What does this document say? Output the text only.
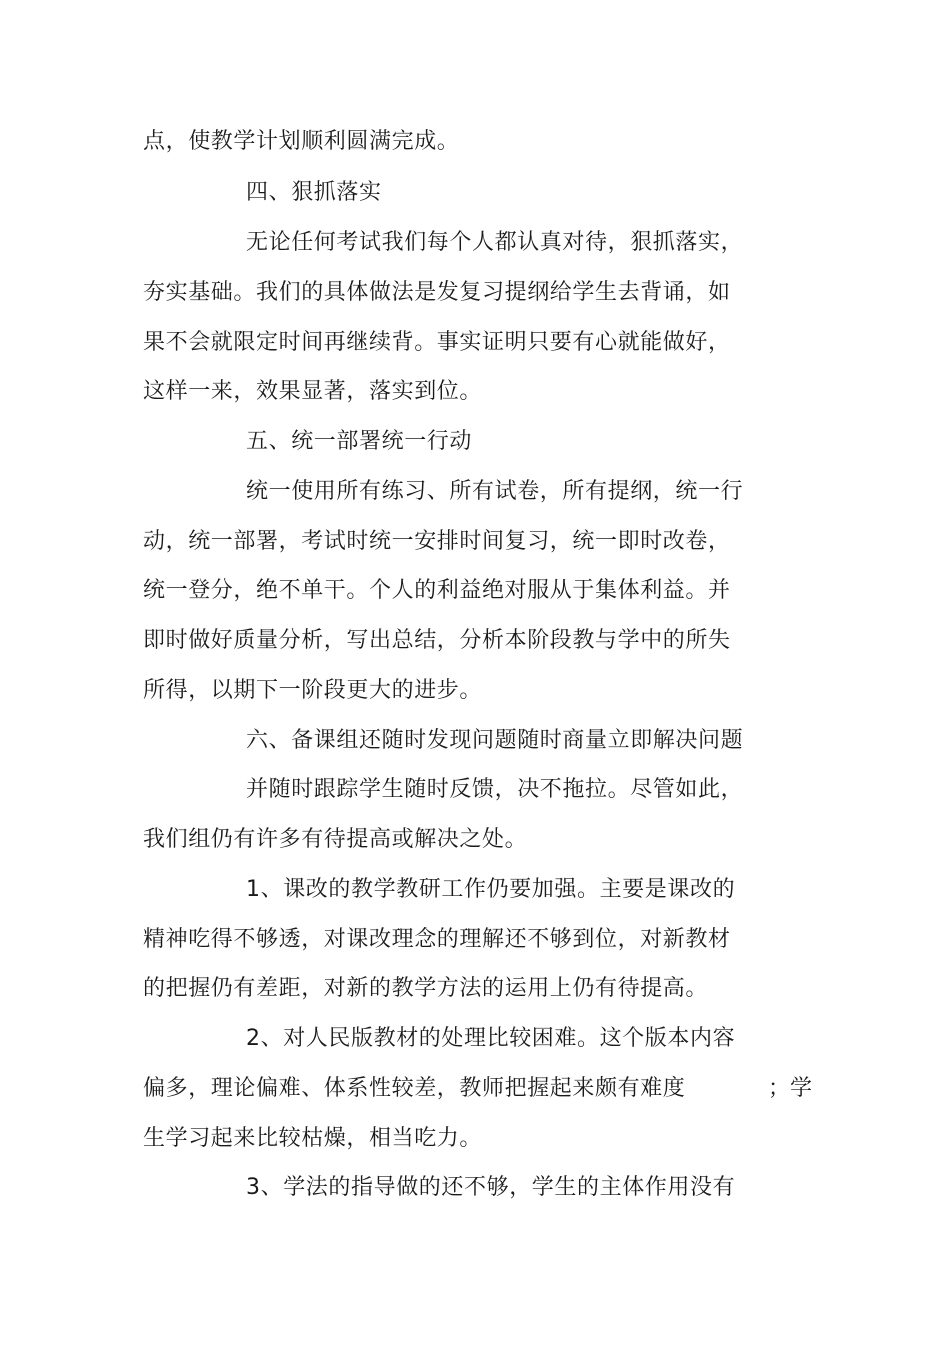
点，使教学计划顺利圆满完成。
四、狠抓落实
无论任何考试我们每个人都认真对待，狠抓落实，
夯实基础。我们的具体做法是发复习提纲给学生去背诵，如
果不会就限定时间再继续背。事实证明只要有心就能做好，
这样一来，效果显著，落实到位。
五、统一部署统一行动
统一使用所有练习、所有试卷，所有提纲，统一行
动，统一部署，考试时统一安排时间复习，统一即时改卷，
统一登分，绝不单干。个人的利益绝对服从于集体利益。并
即时做好质量分析，写出总结，分析本阶段教与学中的所失
所得，以期下一阶段更大的进步。
六、备课组还随时发现问题随时商量立即解决问题
并随时跟踪学生随时反馈，决不拖拉。尽管如此，
我们组仍有许多有待提高或解决之处。
1、课改的教学教研工作仍要加强。主要是课改的
精神吃得不够透，对课改理念的理解还不够到位，对新教材
的把握仍有差距，对新的教学方法的运用上仍有待提高。
2、对人民版教材的处理比较困难。这个版本内容
偏多，理论偏难、体系性较差，教师把握起来颇有难度	；学
生学习起来比较枯燥，相当吃力。
3、学法的指导做的还不够，学生的主体作用没有
